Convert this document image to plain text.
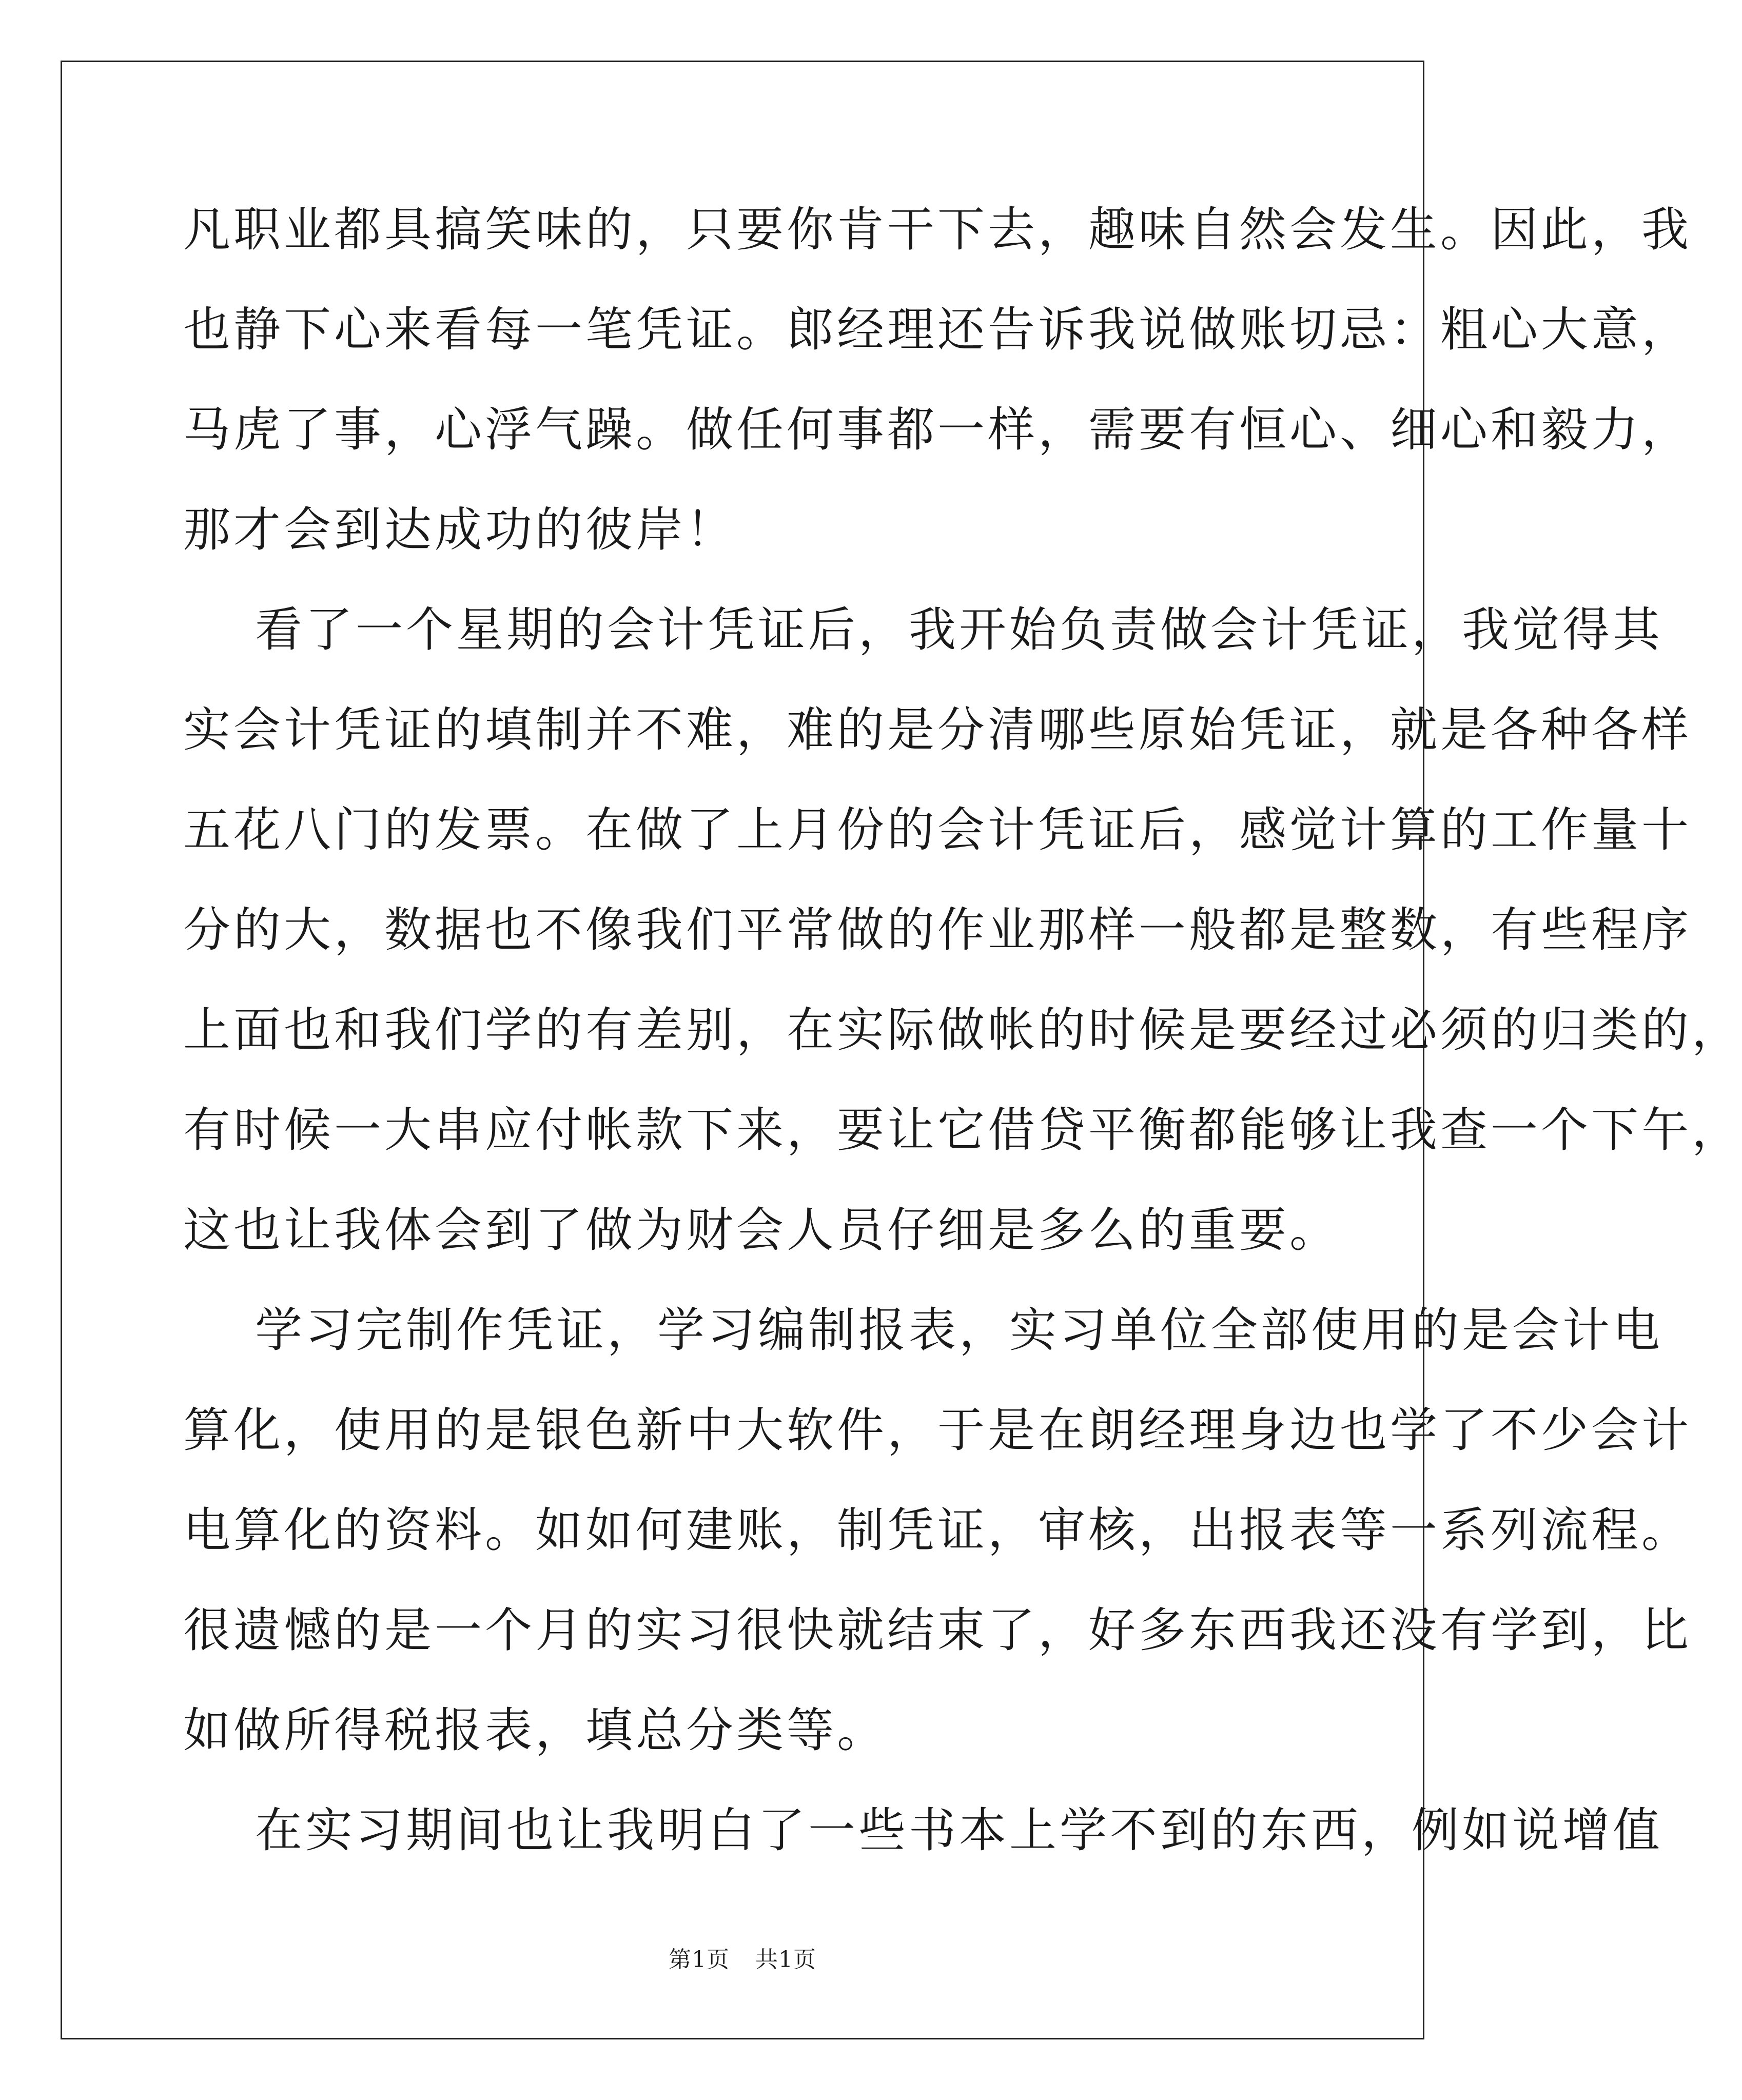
凡职业都具搞笑味的，只要你肯干下去，趣味自然会发生。因此，我
也静下心来看每一笔凭证。郎经理还告诉我说做账切忌：粗心大意，
马虎了事，心浮气躁。做任何事都一样，需要有恒心、细心和毅力，
那才会到达成功的彼岸！
看了一个星期的会计凭证后，我开始负责做会计凭证，我觉得其
实会计凭证的填制并不难，难的是分清哪些原始凭证，就是各种各样
五花八门的发票。在做了上月份的会计凭证后，感觉计算的工作量十
分的大，数据也不像我们平常做的作业那样一般都是整数，有些程序
上面也和我们学的有差别，在实际做帐的时候是要经过必须的归类的，
有时候一大串应付帐款下来，要让它借贷平衡都能够让我查一个下午，
这也让我体会到了做为财会人员仔细是多么的重要。
学习完制作凭证，学习编制报表，实习单位全部使用的是会计电
算化，使用的是银色新中大软件，于是在朗经理身边也学了不少会计
电算化的资料。如如何建账，制凭证，审核，出报表等一系列流程。
很遗憾的是一个月的实习很快就结束了，好多东西我还没有学到，比
如做所得税报表，填总分类等。
在实习期间也让我明白了一些书本上学不到的东西，例如说增值
第1页 共1页
